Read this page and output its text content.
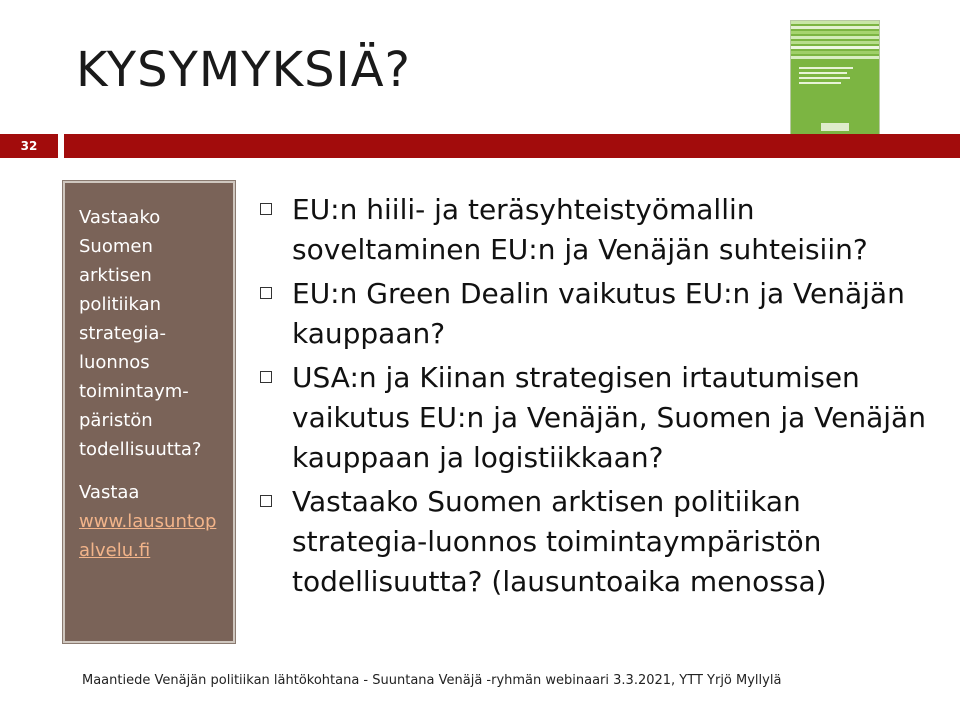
KYSYMYKSIÄ?
32

Vastaako Suomen arktisen politiikan strategia-luonnos toimintaym-päristön todellisuutta?

Vastaa
www.lausuntopalvelu.fi

EU:n hiili- ja teräsyhteistyömallin soveltaminen EU:n ja Venäjän suhteisiin?
EU:n Green Dealin vaikutus EU:n ja Venäjän kauppaan?
USA:n ja Kiinan strategisen irtautumisen vaikutus EU:n ja Venäjän, Suomen ja Venäjän kauppaan ja logistiikkaan?
Vastaako Suomen arktisen politiikan strategia-luonnos toimintaympäristön todellisuutta? (lausuntoaika menossa)
Maantiede Venäjän politiikan lähtökohtana - Suuntana Venäjä -ryhmän webinaari 3.3.2021, YTT Yrjö Myllylä
